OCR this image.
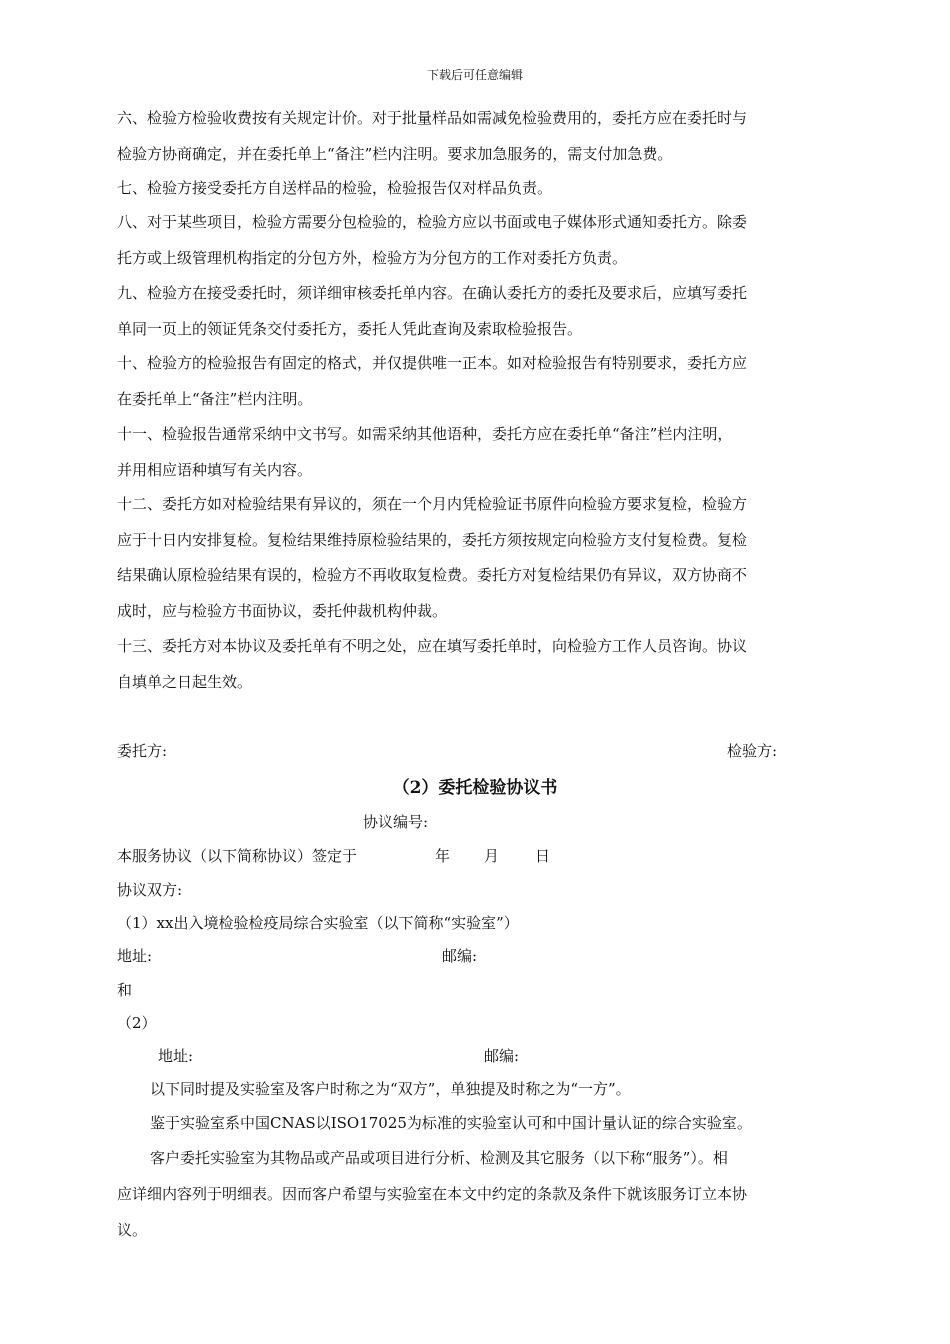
下载后可任意编辑
六、检验方检验收费按有关规定计价。对于批量样品如需减免检验费用的，委托方应在委托时与
检验方协商确定，并在委托单上“备注”栏内注明。要求加急服务的，需支付加急费。
七、检验方接受委托方自送样品的检验，检验报告仅对样品负责。
八、对于某些项目，检验方需要分包检验的，检验方应以书面或电子媒体形式通知委托方。除委
托方或上级管理机构指定的分包方外，检验方为分包方的工作对委托方负责。
九、检验方在接受委托时，须详细审核委托单内容。在确认委托方的委托及要求后，应填写委托
单同一页上的领证凭条交付委托方，委托人凭此查询及索取检验报告。
十、检验方的检验报告有固定的格式，并仅提供唯一正本。如对检验报告有特别要求，委托方应
在委托单上“备注”栏内注明。
十一、检验报告通常采纳中文书写。如需采纳其他语种，委托方应在委托单“备注”栏内注明，
并用相应语种填写有关内容。
十二、委托方如对检验结果有异议的，须在一个月内凭检验证书原件向检验方要求复检，检验方
应于十日内安排复检。复检结果维持原检验结果的，委托方须按规定向检验方支付复检费。复检
结果确认原检验结果有误的，检验方不再收取复检费。委托方对复检结果仍有异议，双方协商不
成时，应与检验方书面协议，委托仲裁机构仲裁。
十三、委托方对本协议及委托单有不明之处，应在填写委托单时，向检验方工作人员咨询。协议
自填单之日起生效。
委托方:	检验方:
（2）委托检验协议书
协议编号:
本服务协议（以下简称协议）签定于	年 月 日
协议双方:
（1）xx出入境检验检疫局综合实验室（以下简称“实验室”）
地址:	邮编:
和
（2）
地址:	邮编:
以下同时提及实验室及客户时称之为“双方”，单独提及时称之为“一方”。
鉴于实验室系中国CNAS以ISO17025为标准的实验室认可和中国计量认证的综合实验室。
客户委托实验室为其物品或产品或项目进行分析、检测及其它服务（以下称“服务”）。相
应详细内容列于明细表。因而客户希望与实验室在本文中约定的条款及条件下就该服务订立本协
议。
